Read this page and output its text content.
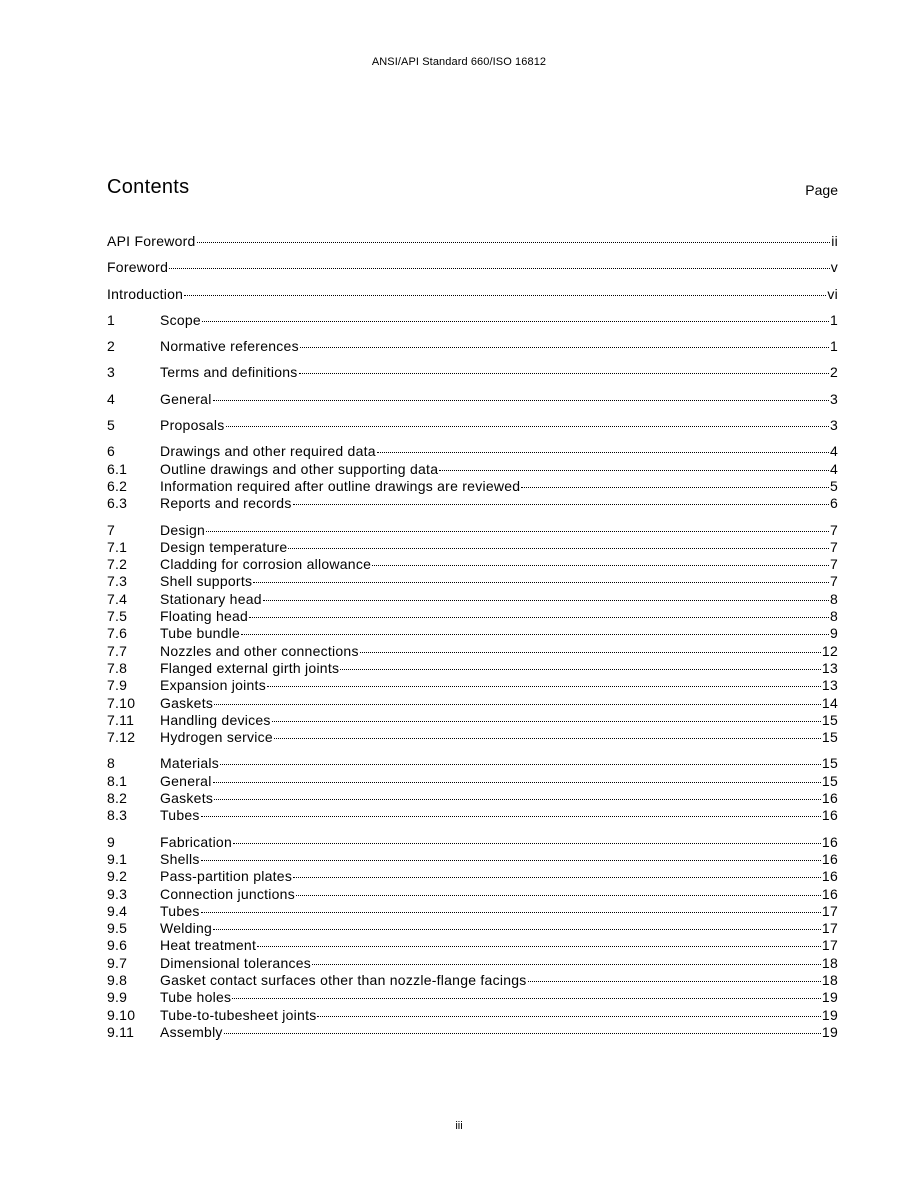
ANSI/API Standard 660/ISO 16812
Contents	Page
API Foreword	ii
Foreword	v
Introduction	vi
1	Scope	1
2	Normative references	1
3	Terms and definitions	2
4	General	3
5	Proposals	3
6	Drawings and other required data	4
6.1	Outline drawings and other supporting data	4
6.2	Information required after outline drawings are reviewed	5
6.3	Reports and records	6
7	Design	7
7.1	Design temperature	7
7.2	Cladding for corrosion allowance	7
7.3	Shell supports	7
7.4	Stationary head	8
7.5	Floating head	8
7.6	Tube bundle	9
7.7	Nozzles and other connections	12
7.8	Flanged external girth joints	13
7.9	Expansion joints	13
7.10	Gaskets	14
7.11	Handling devices	15
7.12	Hydrogen service	15
8	Materials	15
8.1	General	15
8.2	Gaskets	16
8.3	Tubes	16
9	Fabrication	16
9.1	Shells	16
9.2	Pass-partition plates	16
9.3	Connection junctions	16
9.4	Tubes	17
9.5	Welding	17
9.6	Heat treatment	17
9.7	Dimensional tolerances	18
9.8	Gasket contact surfaces other than nozzle-flange facings	18
9.9	Tube holes	19
9.10	Tube-to-tubesheet joints	19
9.11	Assembly	19
iii
